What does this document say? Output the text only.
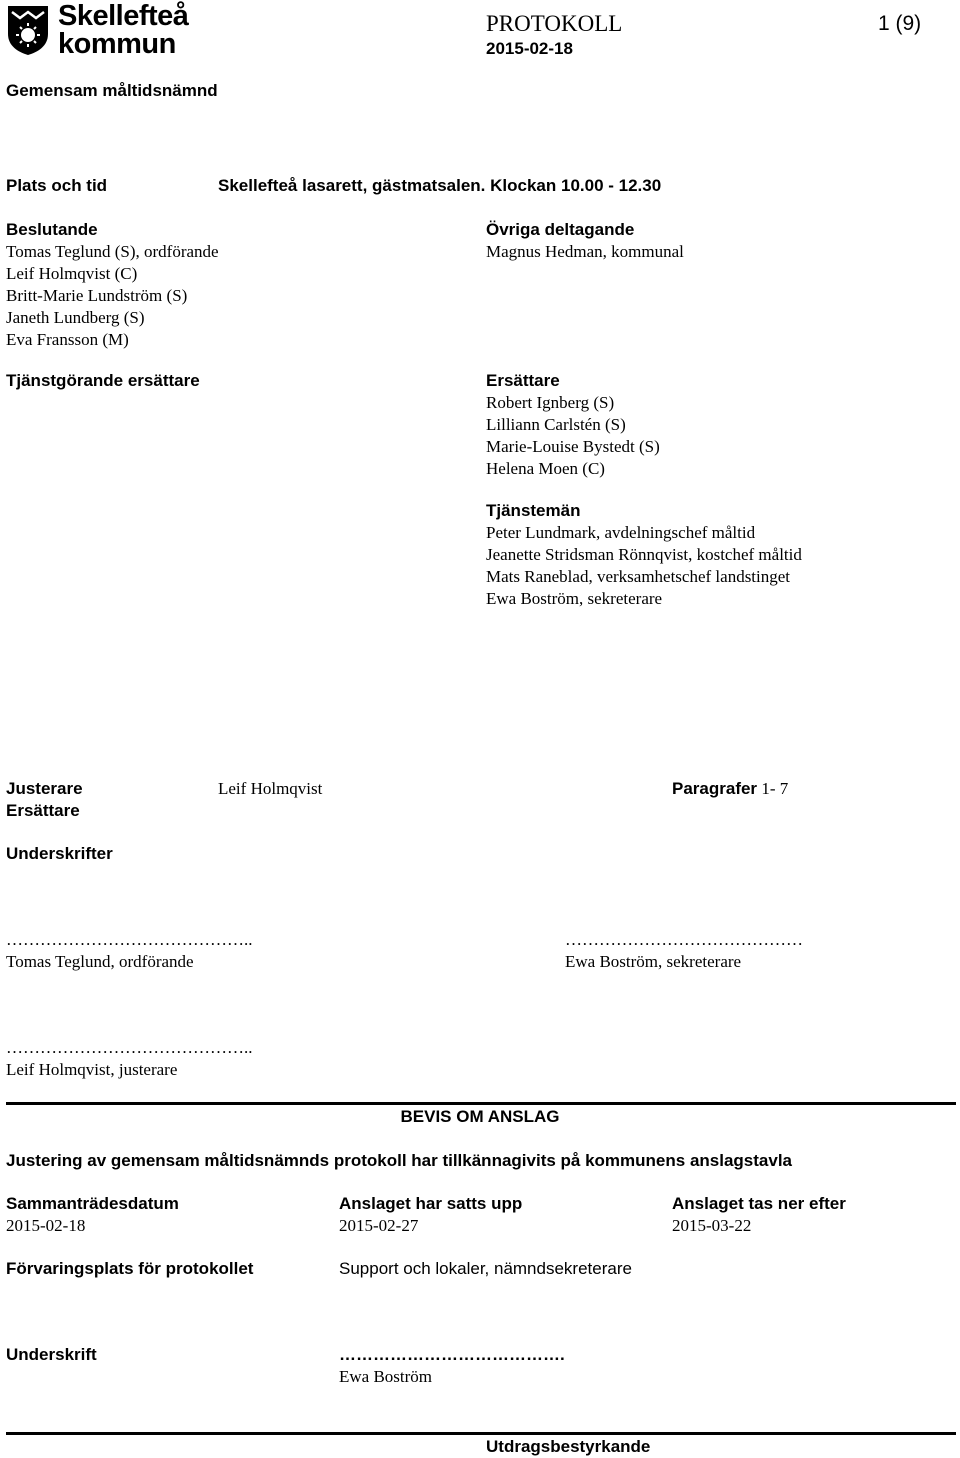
Skellefteå
kommun
PROTOKOLL
2015-02-18
1 (9)
Gemensam måltidsnämnd
Plats och tid	Skellefteå lasarett, gästmatsalen. Klockan 10.00 - 12.30
Beslutande
Tomas Teglund (S), ordförande
Leif Holmqvist (C)
Britt-Marie Lundström (S)
Janeth Lundberg (S)
Eva Fransson (M)
Övriga deltagande
Magnus Hedman, kommunal
Tjänstgörande ersättare	Ersättare
Robert Ignberg (S)
Lilliann Carlstén (S)
Marie-Louise Bystedt (S)
Helena Moen (C)
Tjänstemän
Peter Lundmark, avdelningschef måltid
Jeanette Stridsman Rönnqvist, kostchef måltid
Mats Raneblad, verksamhetschef landstinget
Ewa Boström, sekreterare
Justerare	Leif Holmqvist	Paragrafer 1- 7
Ersättare
Underskrifter
……………………………………..
Tomas Teglund, ordförande
……………………………………
Ewa Boström, sekreterare
……………………………………..
Leif Holmqvist, justerare
BEVIS OM ANSLAG
Justering av gemensam måltidsnämnds protokoll har tillkännagivits på kommunens anslagstavla
Sammanträdesdatum
2015-02-18
Anslaget har satts upp
2015-02-27
Anslaget tas ner efter
2015-03-22
Förvaringsplats för protokollet	Support och lokaler, nämndsekreterare
Underskrift	………………………………….
Ewa Boström
Utdragsbestyrkande
